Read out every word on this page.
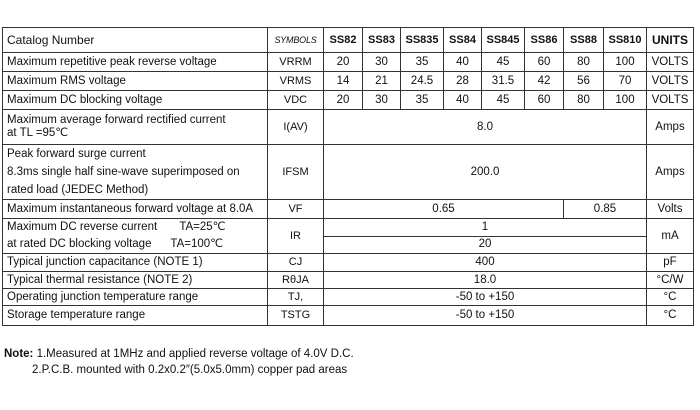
Catalog Number	SYMBOLS	SS82	SS83	SS835	SS84	SS845	SS86	SS88	SS810	UNITS
Maximum repetitive peak reverse voltage	VRRM	20	30	35	40	45	60	80	100	VOLTS
Maximum RMS voltage	VRMS	14	21	24.5	28	31.5	42	56	70	VOLTS
Maximum DC blocking voltage	VDC	20	30	35	40	45	60	80	100	VOLTS

Maximum average forward rectified current
at TL =95℃	I(AV)	8.0								Amps

Peak forward surge current
8.3ms single half sine-wave superimposed on
rated load (JEDEC Method)	IFSM	200.0								Amps
Maximum instantaneous forward voltage at 8.0A	VF	0.65						0.85		Volts

Maximum DC reverse current       TA=25℃
at rated DC blocking voltage      TA=100℃	IR	1								mA
		20								
Typical junction capacitance (NOTE 1)	CJ	400								pF
Typical thermal resistance (NOTE 2)	RθJA	18.0								°C/W
Operating junction temperature range	TJ,	-50 to +150								°C
Storage temperature range	TSTG	-50 to +150								°C
Note: 1.Measured at 1MHz and applied reverse voltage of 4.0V D.C.
2.P.C.B. mounted with 0.2x0.2″(5.0x5.0mm) copper pad areas
